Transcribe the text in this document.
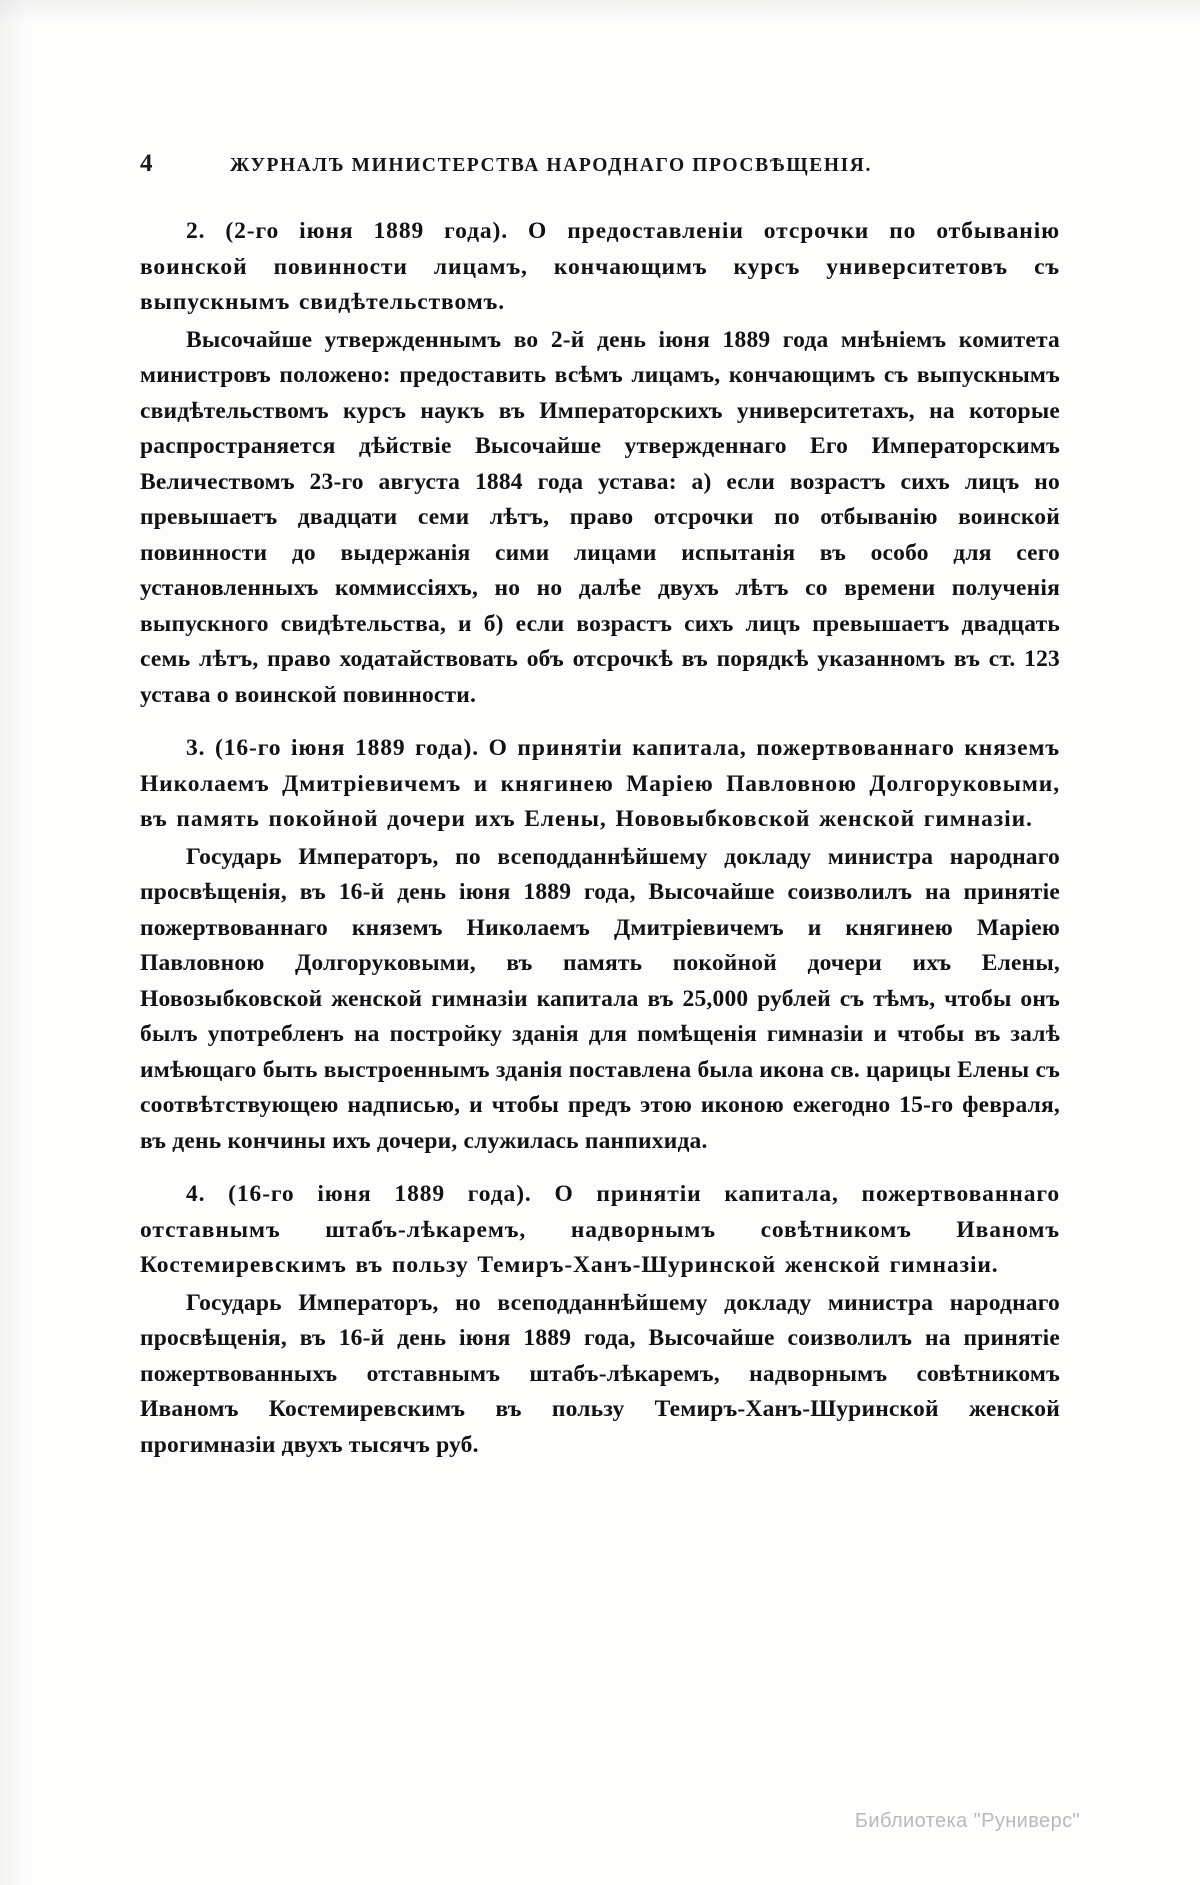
4	ЖУРНАЛЪ МИНИСТЕРСТВА НАРОДНАГО ПРОСВѢЩЕНІЯ.

2. (2-го іюня 1889 года). О предоставленіи отсрочки по отбыванію воинской повинности лицамъ, кончающимъ курсъ университетовъ съ выпускнымъ свидѣтельствомъ.

Высочайше утвержденнымъ во 2-й день іюня 1889 года мнѣніемъ комитета министровъ положено: предоставить всѣмъ лицамъ, кончающимъ съ выпускнымъ свидѣтельствомъ курсъ наукъ въ Императорскихъ университетахъ, на которые распространяется дѣйствіе Высочайше утвержденнаго Его Императорскимъ Величествомъ 23-го августа 1884 года устава: а) если возрастъ сихъ лицъ но превышаетъ двадцати семи лѣтъ, право отсрочки по отбыванію воинской повинности до выдержанія сими лицами испытанія въ особо для сего установленныхъ коммиссіяхъ, но но далѣе двухъ лѣтъ со времени полученія выпускного свидѣтельства, и б) если возрастъ сихъ лицъ превышаетъ двадцать семь лѣтъ, право ходатайствовать объ отсрочкѣ въ порядкѣ указанномъ въ ст. 123 устава о воинской повинности.

3. (16-го іюня 1889 года). О принятіи капитала, пожертвованнаго княземъ Николаемъ Дмитріевичемъ и княгинею Маріею Павловною Долгоруковыми, въ память покойной дочери ихъ Елены, Нововыбковской женской гимназіи.

Государь Императоръ, по всеподданнѣйшему докладу министра народнаго просвѣщенія, въ 16-й день іюня 1889 года, Высочайше соизволилъ на принятіе пожертвованнаго княземъ Николаемъ Дмитріевичемъ и княгинею Маріею Павловною Долгоруковыми, въ память покойной дочери ихъ Елены, Новозыбковской женской гимназіи капитала въ 25,000 рублей съ тѣмъ, чтобы онъ былъ употребленъ на постройку зданія для помѣщенія гимназіи и чтобы въ залѣ имѣющаго быть выстроеннымъ зданія поставлена была икона св. царицы Елены съ соотвѣтствующею надписью, и чтобы предъ этою иконою ежегодно 15-го февраля, въ день кончины ихъ дочери, служилась панпихида.

4. (16-го іюня 1889 года). О принятіи капитала, пожертвованнаго отставнымъ штабъ-лѣкаремъ, надворнымъ совѣтникомъ Иваномъ Костемиревскимъ въ пользу Темиръ-Ханъ-Шуринской женской гимназіи.

Государь Императоръ, но всеподданнѣйшему докладу министра народнаго просвѣщенія, въ 16-й день іюня 1889 года, Высочайше соизволилъ на принятіе пожертвованныхъ отставнымъ штабъ-лѣкаремъ, надворнымъ совѣтникомъ Иваномъ Костемиревскимъ въ пользу Темиръ-Ханъ-Шуринской женской прогимназіи двухъ тысячъ руб.

Библиотека "Руниверс"
